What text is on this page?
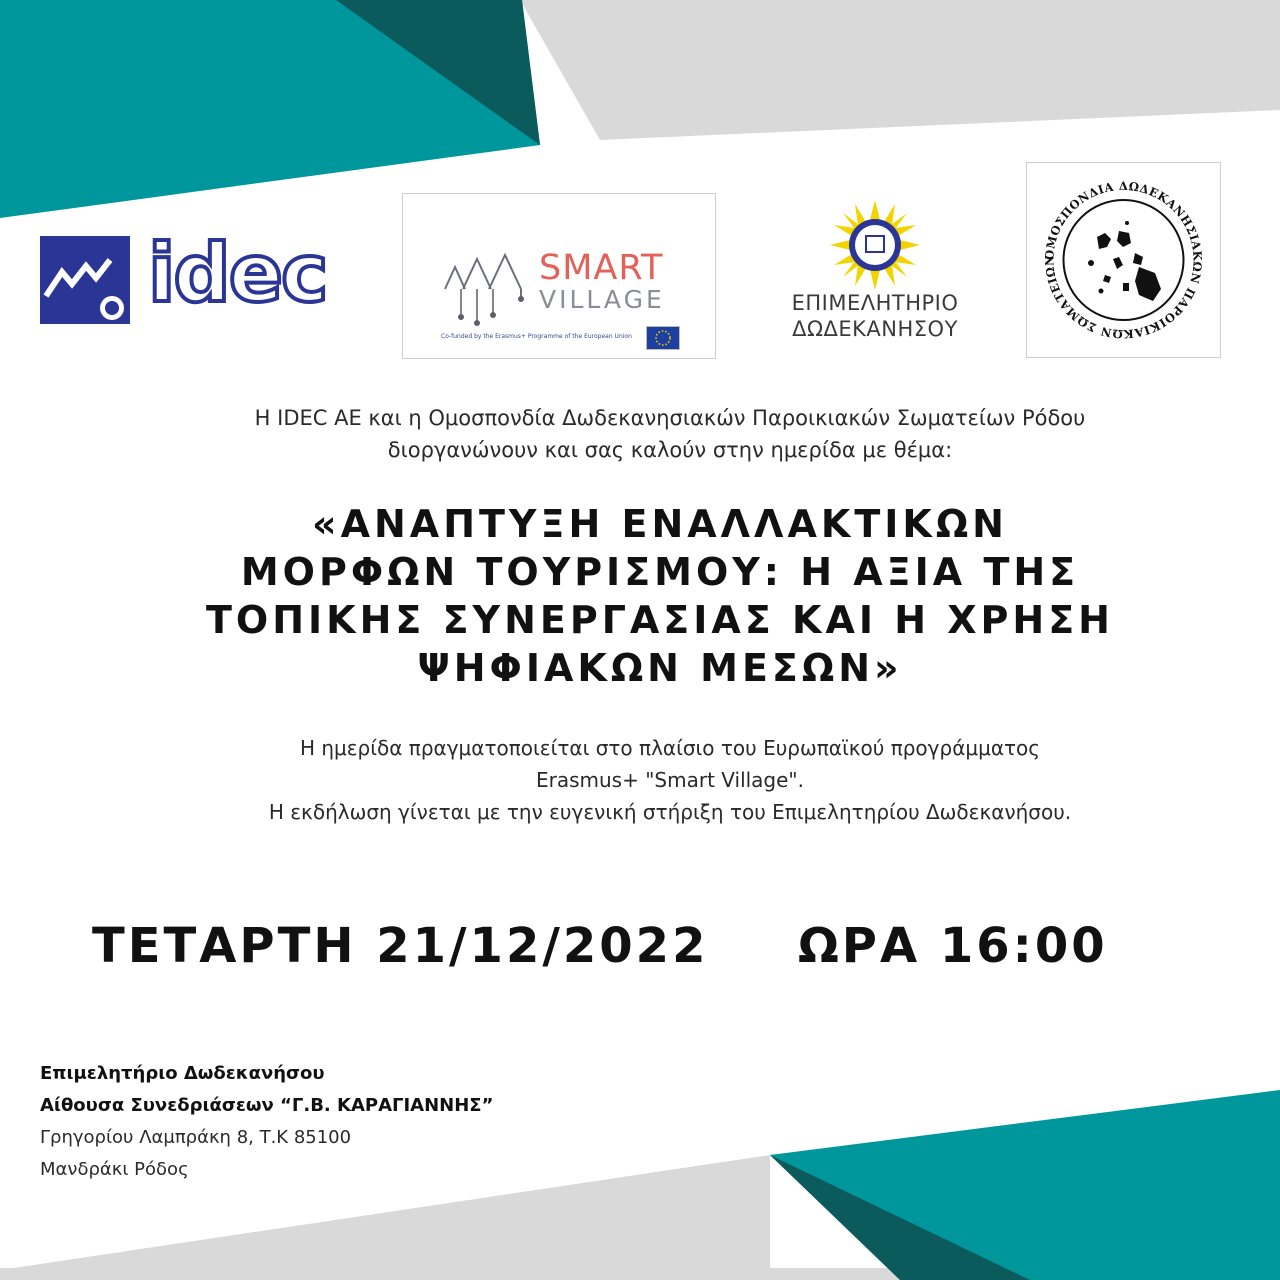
idec	SMART
VILLAGE
Co-funded by the Erasmus+ Programme of the European Union
ΕΠΙΜΕΛΗΤΗΡΙΟ
ΔΩΔΕΚΑΝΗΣΟΥ
ΟΜΟΣΠΟΝΔΙΑ ΔΩΔΕΚΑΝΗΣΙΑΚΩΝ ΠΑΡΟΙΚΙΑΚΩΝ ΣΩΜΑΤΕΙΩΝ

Η IDEC AE και η Ομοσπονδία Δωδεκανησιακών Παροικιακών Σωματείων Ρόδου

διοργανώνουν και σας καλούν στην ημερίδα με θέμα:

«ΑΝΑΠΤΥΞΗ ΕΝΑΛΛΑΚΤΙΚΩΝ
ΜΟΡΦΩΝ ΤΟΥΡΙΣΜΟΥ: Η ΑΞΙΑ ΤΗΣ
ΤΟΠΙΚΗΣ ΣΥΝΕΡΓΑΣΙΑΣ ΚΑΙ Η ΧΡΗΣΗ
ΨΗΦΙΑΚΩΝ ΜΕΣΩΝ»
Η ημερίδα πραγματοποιείται στο πλαίσιο του Ευρωπαϊκού προγράμματος
Erasmus+ "Smart Village".
Η εκδήλωση γίνεται με την ευγενική στήριξη του Επιμελητηρίου Δωδεκανήσου.
ΤΕΤΑΡΤΗ 21/12/2022 ΩΡΑ 16:00
Επιμελητήριο Δωδεκανήσου
Αίθουσα Συνεδριάσεων “Γ.Β. ΚΑΡΑΓΙΑΝΝΗΣ”
Γρηγορίου Λαμπράκη 8, Τ.Κ 85100
Μανδράκι Ρόδος
